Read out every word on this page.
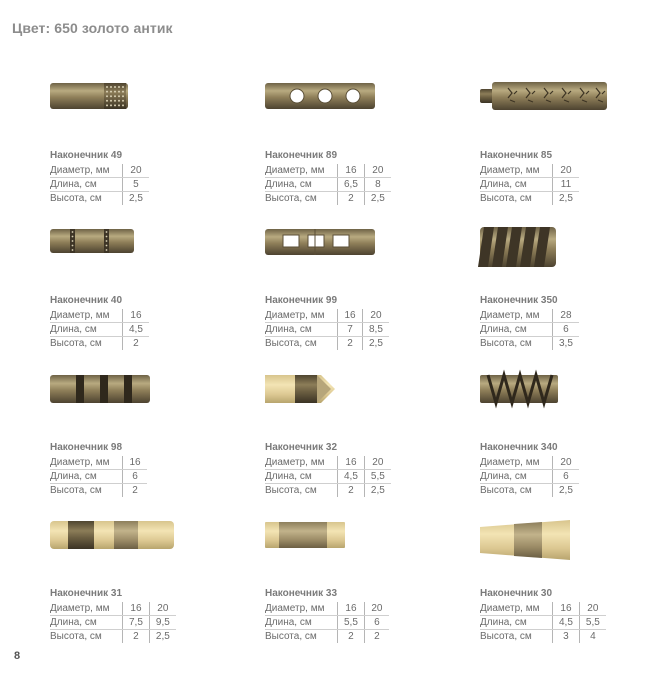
Цвет: 650 золото антик
Наконечник 49
Диаметр, мм	20
Длина, см	5
Высота, см	2,5
Наконечник 89
Диаметр, мм	16	20
Длина, см	6,5	8
Высота, см	2	2,5
Наконечник 85
Диаметр, мм	20
Длина, см	11
Высота, см	2,5
Наконечник 40
Диаметр, мм	16
Длина, см	4,5
Высота, см	2
Наконечник 99
Диаметр, мм	16	20
Длина, см	7	8,5
Высота, см	2	2,5
Наконечник 350
Диаметр, мм	28
Длина, см	6
Высота, см	3,5
Наконечник 98
Диаметр, мм	16
Длина, см	6
Высота, см	2
Наконечник 32
Диаметр, мм	16	20
Длина, см	4,5	5,5
Высота, см	2	2,5
Наконечник 340
Диаметр, мм	20
Длина, см	6
Высота, см	2,5
Наконечник 31
Диаметр, мм	16	20
Длина, см	7,5	9,5
Высота, см	2	2,5
Наконечник 33
Диаметр, мм	16	20
Длина, см	5,5	6
Высота, см	2	2
Наконечник 30
Диаметр, мм	16	20
Длина, см	4,5	5,5
Высота, см	3	4
8
